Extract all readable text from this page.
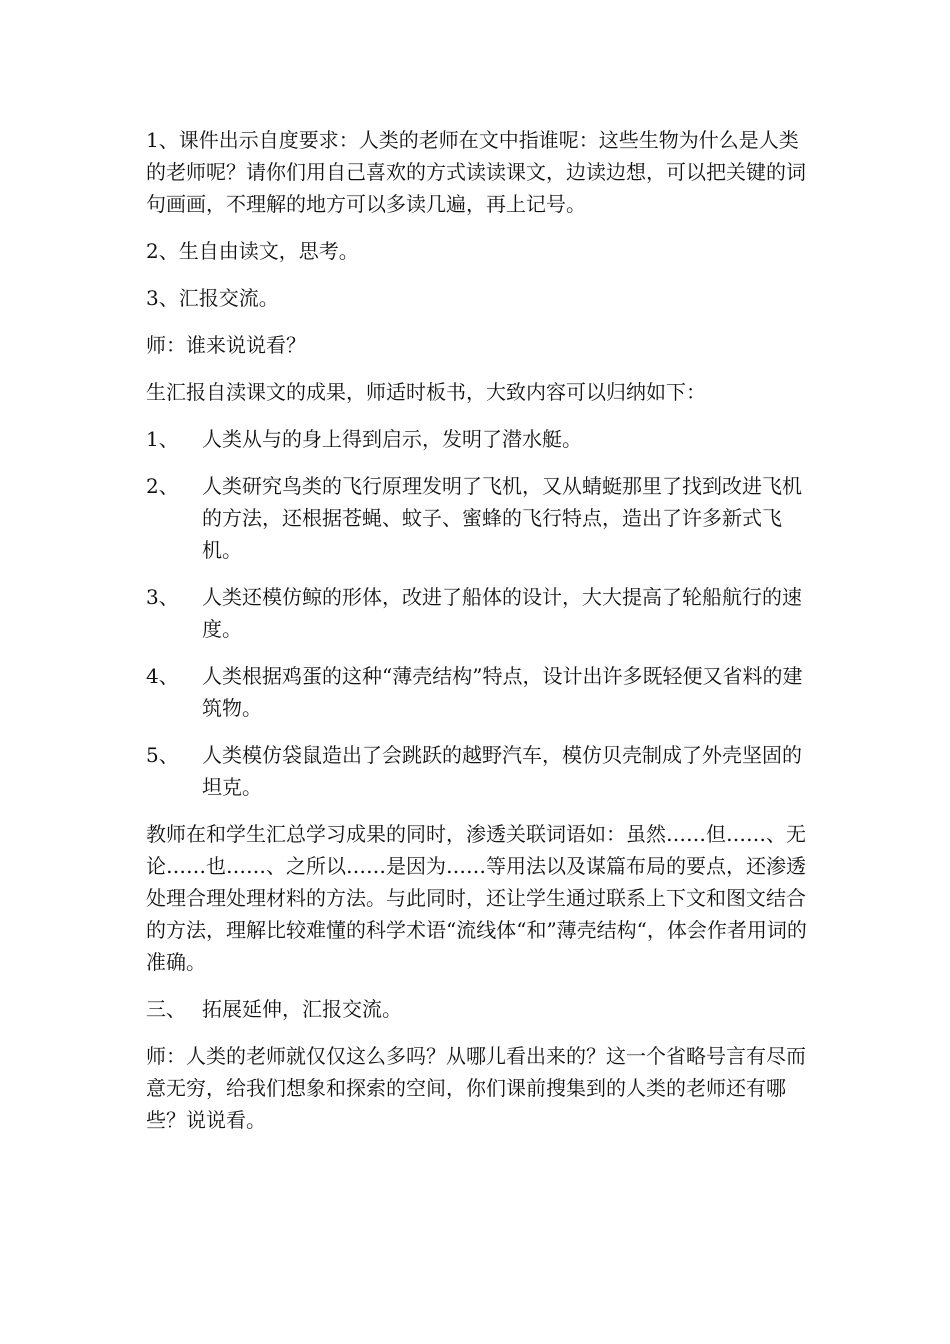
1、课件出示自度要求：人类的老师在文中指谁呢：这些生物为什么是人类的老师呢？请你们用自己喜欢的方式读读课文，边读边想，可以把关键的词句画画，不理解的地方可以多读几遍，再上记号。

2、生自由读文，思考。

3、汇报交流。

师：谁来说说看？

生汇报自渎课文的成果，师适时板书，大致内容可以归纳如下：

1、	人类从与的身上得到启示，发明了潜水艇。
2、	人类研究鸟类的飞行原理发明了飞机，又从蜻蜓那里了找到改进飞机的方法，还根据苍蝇、蚊子、蜜蜂的飞行特点，造出了许多新式飞机。
3、	人类还模仿鲸的形体，改进了船体的设计，大大提高了轮船航行的速度。
4、	人类根据鸡蛋的这种“薄壳结构”特点，设计出许多既轻便又省料的建筑物。
5、	人类模仿袋鼠造出了会跳跃的越野汽车，模仿贝壳制成了外壳坚固的坦克。

教师在和学生汇总学习成果的同时，渗透关联词语如：虽然……但……、无论……也……、之所以……是因为……等用法以及谋篇布局的要点，还渗透处理合理处理材料的方法。与此同时，还让学生通过联系上下文和图文结合的方法，理解比较难懂的科学术语“流线体“和”薄壳结构“，体会作者用词的准确。

三、 拓展延伸，汇报交流。

师：人类的老师就仅仅这么多吗？从哪儿看出来的？这一个省略号言有尽而意无穷，给我们想象和探索的空间，你们课前搜集到的人类的老师还有哪些？说说看。
